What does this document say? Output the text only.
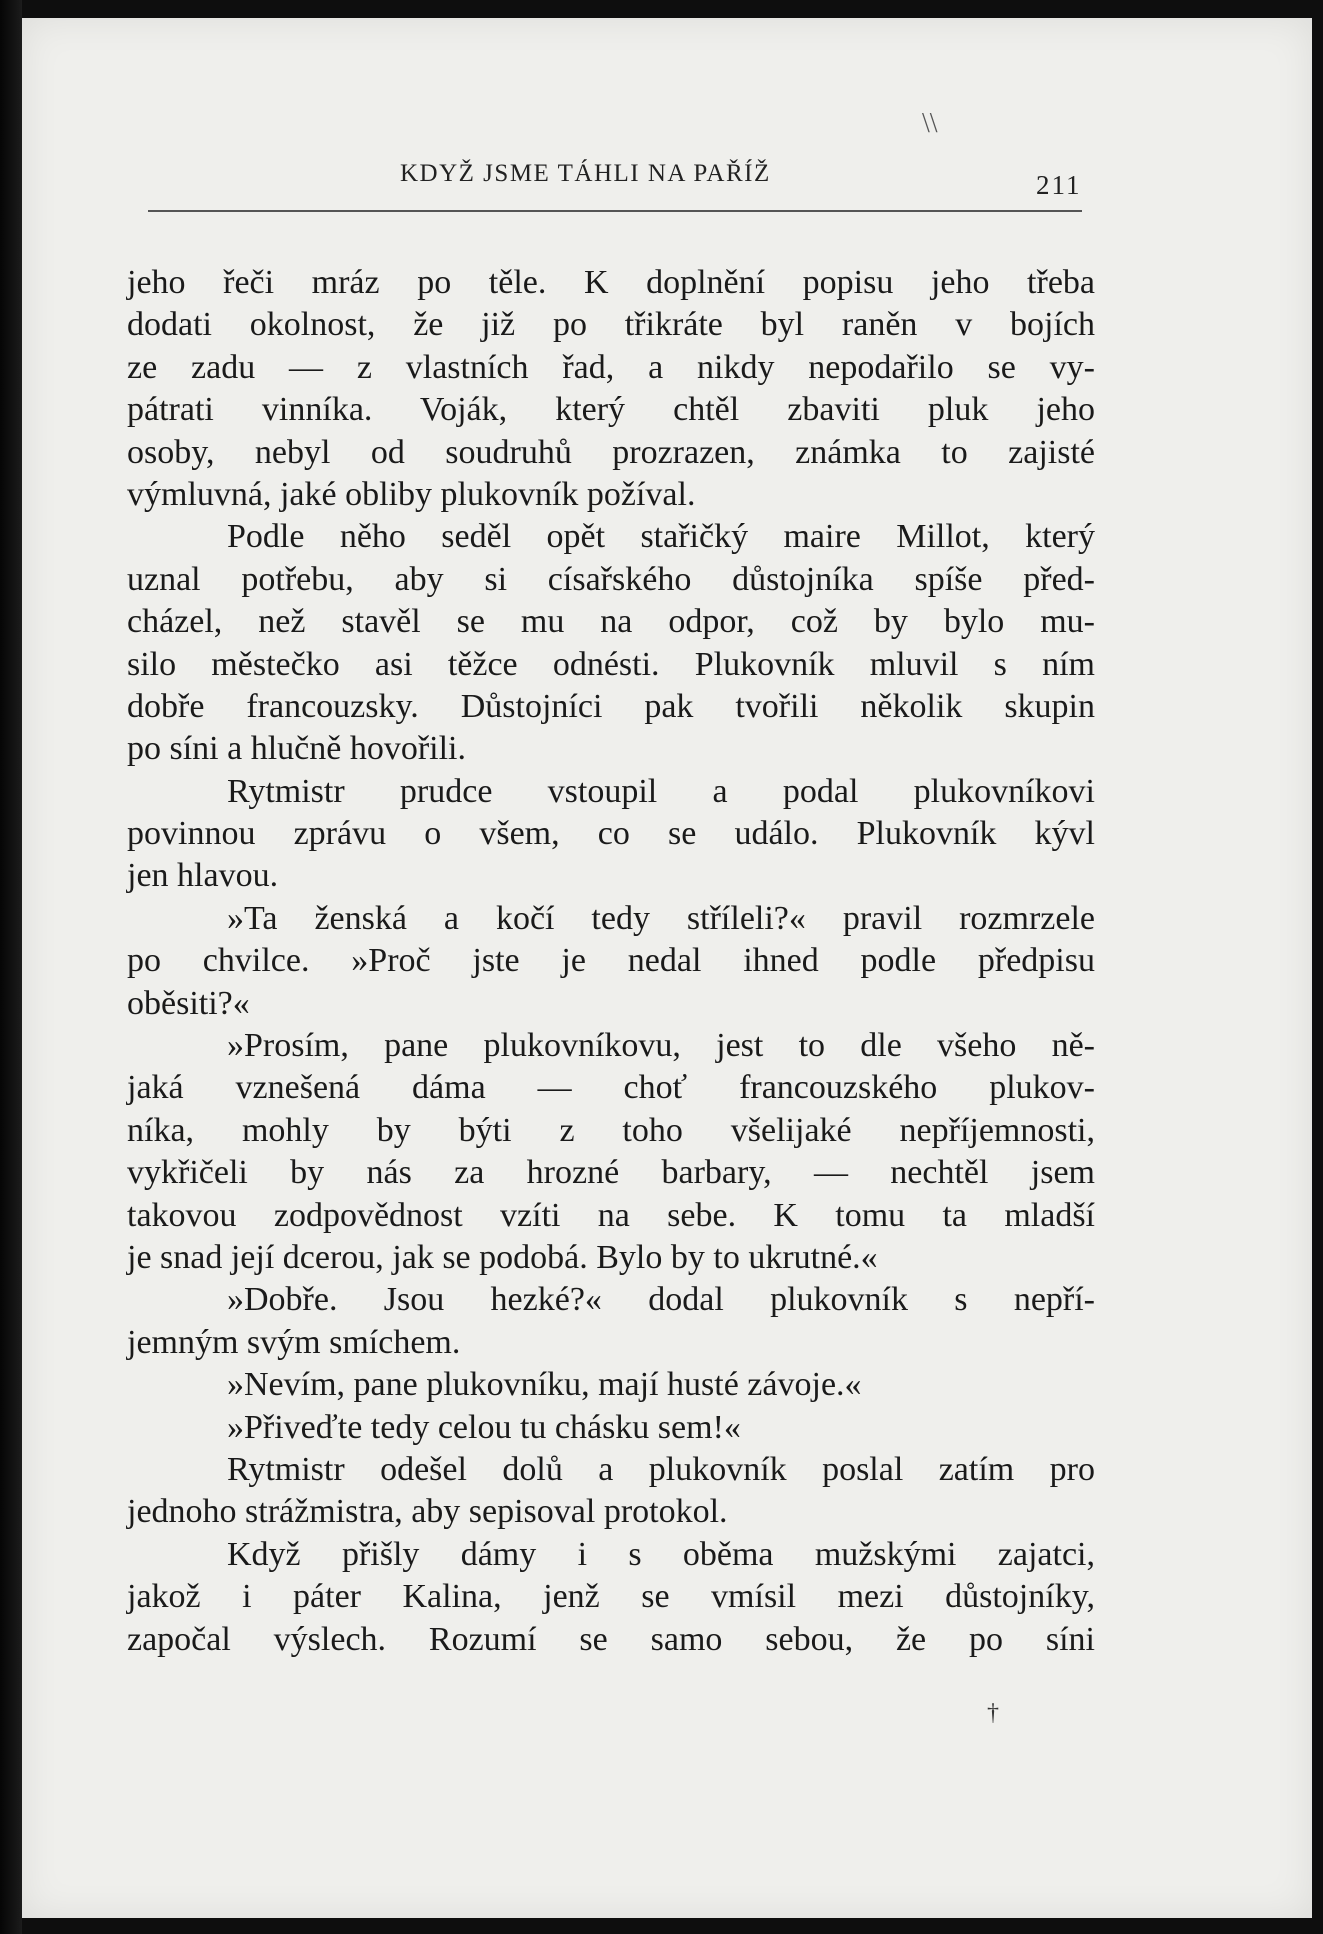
KDYŽ JSME TÁHLI NA PAŘÍŽ	211
\\
jeho řeči mráz po těle. K doplnění popisu jeho třeba
dodati okolnost, že již po třikráte byl raněn v bojích
ze zadu — z vlastních řad, a nikdy nepodařilo se vy-
pátrati vinníka. Voják, který chtěl zbaviti pluk jeho
osoby, nebyl od soudruhů prozrazen, známka to zajisté
výmluvná, jaké obliby plukovník požíval.
Podle něho seděl opět stařičký maire Millot, který
uznal potřebu, aby si císařského důstojníka spíše před-
cházel, než stavěl se mu na odpor, což by bylo mu-
silo městečko asi těžce odnésti. Plukovník mluvil s ním
dobře francouzsky. Důstojníci pak tvořili několik skupin
po síni a hlučně hovořili.
Rytmistr prudce vstoupil a podal plukovníkovi
povinnou zprávu o všem, co se událo. Plukovník kývl
jen hlavou.
»Ta ženská a kočí tedy stříleli?« pravil rozmrzele
po chvilce. »Proč jste je nedal ihned podle předpisu
oběsiti?«
»Prosím, pane plukovníkovu, jest to dle všeho ně-
jaká vznešená dáma — choť francouzského plukov-
níka, mohly by býti z toho všelijaké nepříjemnosti,
vykřičeli by nás za hrozné barbary, — nechtěl jsem
takovou zodpovědnost vzíti na sebe. K tomu ta mladší
je snad její dcerou, jak se podobá. Bylo by to ukrutné.«
»Dobře. Jsou hezké?« dodal plukovník s nepří-
jemným svým smíchem.
»Nevím, pane plukovníku, mají husté závoje.«
»Přiveďte tedy celou tu chásku sem!«
Rytmistr odešel dolů a plukovník poslal zatím pro
jednoho strážmistra, aby sepisoval protokol.
Když přišly dámy i s oběma mužskými zajatci,
jakož i páter Kalina, jenž se vmísil mezi důstojníky,
započal výslech. Rozumí se samo sebou, že po síni
†
